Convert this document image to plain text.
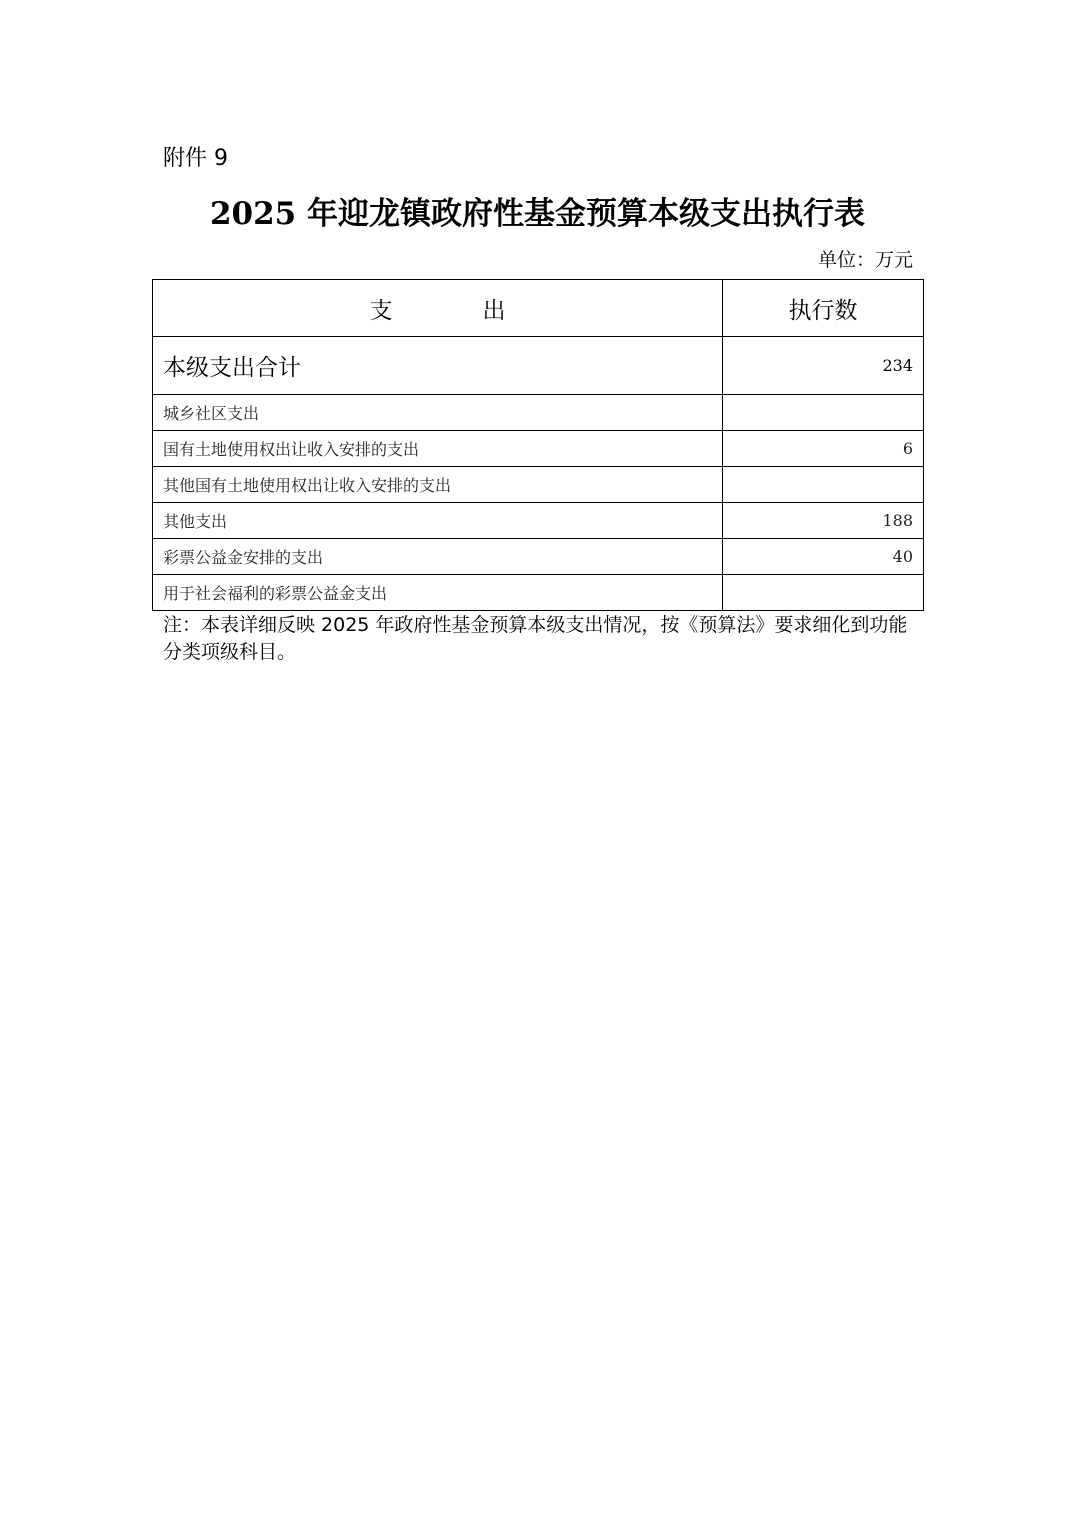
附件 9
2025 年迎龙镇政府性基金预算本级支出执行表
单位：万元
支出	执行数
本级支出合计	234
城乡社区支出	
国有土地使用权出让收入安排的支出	6
其他国有土地使用权出让收入安排的支出	
其他支出	188
彩票公益金安排的支出	40
用于社会福利的彩票公益金支出	
注：本表详细反映 2025 年政府性基金预算本级支出情况，按《预算法》要求细化到功能分类项级科目。
